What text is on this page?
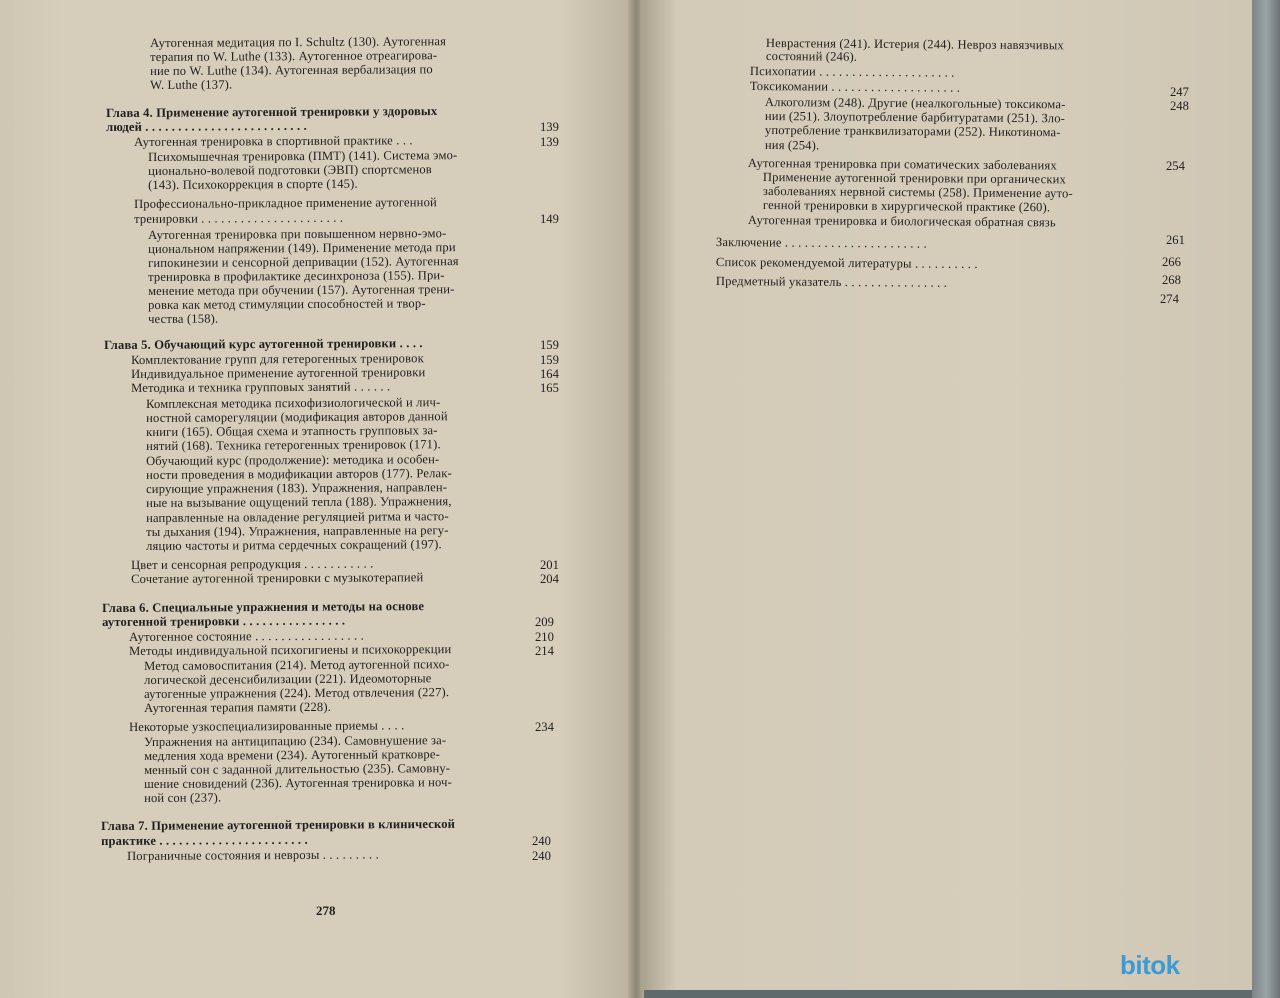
Аутогенная медитация по I. Schultz (130). Аутогенная
терапия по W. Luthe (133). Аутогенное отреагирова-
ние по W. Luthe (134). Аутогенная вербализация по
W. Luthe (137).
Глава 4. Применение аутогенной тренировки у здоровых
людей . . . . . . . . . . . . . . . . . . . . . . . . .
Аутогенная тренировка в спортивной практике . . .
Психомышечная тренировка (ПМТ) (141). Система эмо-
ционально-волевой подготовки (ЭВП) спортсменов
(143). Психокоррекция в спорте (145).
Профессионально-прикладное применение аутогенной
тренировки . . . . . . . . . . . . . . . . . . . . . .
Аутогенная тренировка при повышенном нервно-эмо-
циональном напряжении (149). Применение метода при
гипокинезии и сенсорной депривации (152). Аутогенная
тренировка в профилактике десинхроноза (155). При-
менение метода при обучении (157). Аутогенная трени-
ровка как метод стимуляции способностей и твор-
чества (158).
Глава 5. Обучающий курс аутогенной тренировки . . . .
Комплектование групп для гетерогенных тренировок
Индивидуальное применение аутогенной тренировки
Методика и техника групповых занятий . . . . . .
Комплексная методика психофизиологической и лич-
ностной саморегуляции (модификация авторов данной
книги (165). Общая схема и этапность групповых за-
нятий (168). Техника гетерогенных тренировок (171).
Обучающий курс (продолжение): методика и особен-
ности проведения в модификации авторов (177). Релак-
сирующие упражнения (183). Упражнения, направлен-
ные на вызывание ощущений тепла (188). Упражнения,
направленные на овладение регуляцией ритма и часто-
ты дыхания (194). Упражнения, направленные на регу-
ляцию частоты и ритма сердечных сокращений (197).
Цвет и сенсорная репродукция . . . . . . . . . . .
Сочетание аутогенной тренировки с музыкотерапией
Глава 6. Специальные упражнения и методы на основе
аутогенной тренировки . . . . . . . . . . . . . . . .
Аутогенное состояние . . . . . . . . . . . . . . . . .
Методы индивидуальной психогигиены и психокоррекции
Метод самовоспитания (214). Метод аутогенной психо-
логической десенсибилизации (221). Идеомоторные
аутогенные упражнения (224). Метод отвлечения (227).
Аутогенная терапия памяти (228).
Некоторые узкоспециализированные приемы . . . .
Упражнения на антиципацию (234). Самовнушение за-
медления хода времени (234). Аутогенный кратковре-
менный сон с заданной длительностью (235). Самовну-
шение сновидений (236). Аутогенная тренировка и ноч-
ной сон (237).
Глава 7. Применение аутогенной тренировки в клинической
практике . . . . . . . . . . . . . . . . . . . . . . .
Пограничные состояния и неврозы . . . . . . . . .
139
139
149
159
159
164
165
201
204
209
210
214
234
240
240
Неврастения (241). Истерия (244). Невроз навязчивых
состояний (246).
Психопатии . . . . . . . . . . . . . . . . . . . . .
Токсикомании . . . . . . . . . . . . . . . . . . . .
Алкоголизм (248). Другие (неалкогольные) токсикома-
нии (251). Злоупотребление барбитуратами (251). Зло-
употребление транквилизаторами (252). Никотинома-
ния (254).
Аутогенная тренировка при соматических заболеваниях
Применение аутогенной тренировки при органических
заболеваниях нервной системы (258). Применение ауто-
генной тренировки в хирургической практике (260).
Аутогенная тренировка и биологическая обратная связь
Заключение . . . . . . . . . . . . . . . . . . . . . .
Список рекомендуемой литературы . . . . . . . . . .
Предметный указатель . . . . . . . . . . . . . . . .
247
248
254
261
266
268
274
278
bitok
